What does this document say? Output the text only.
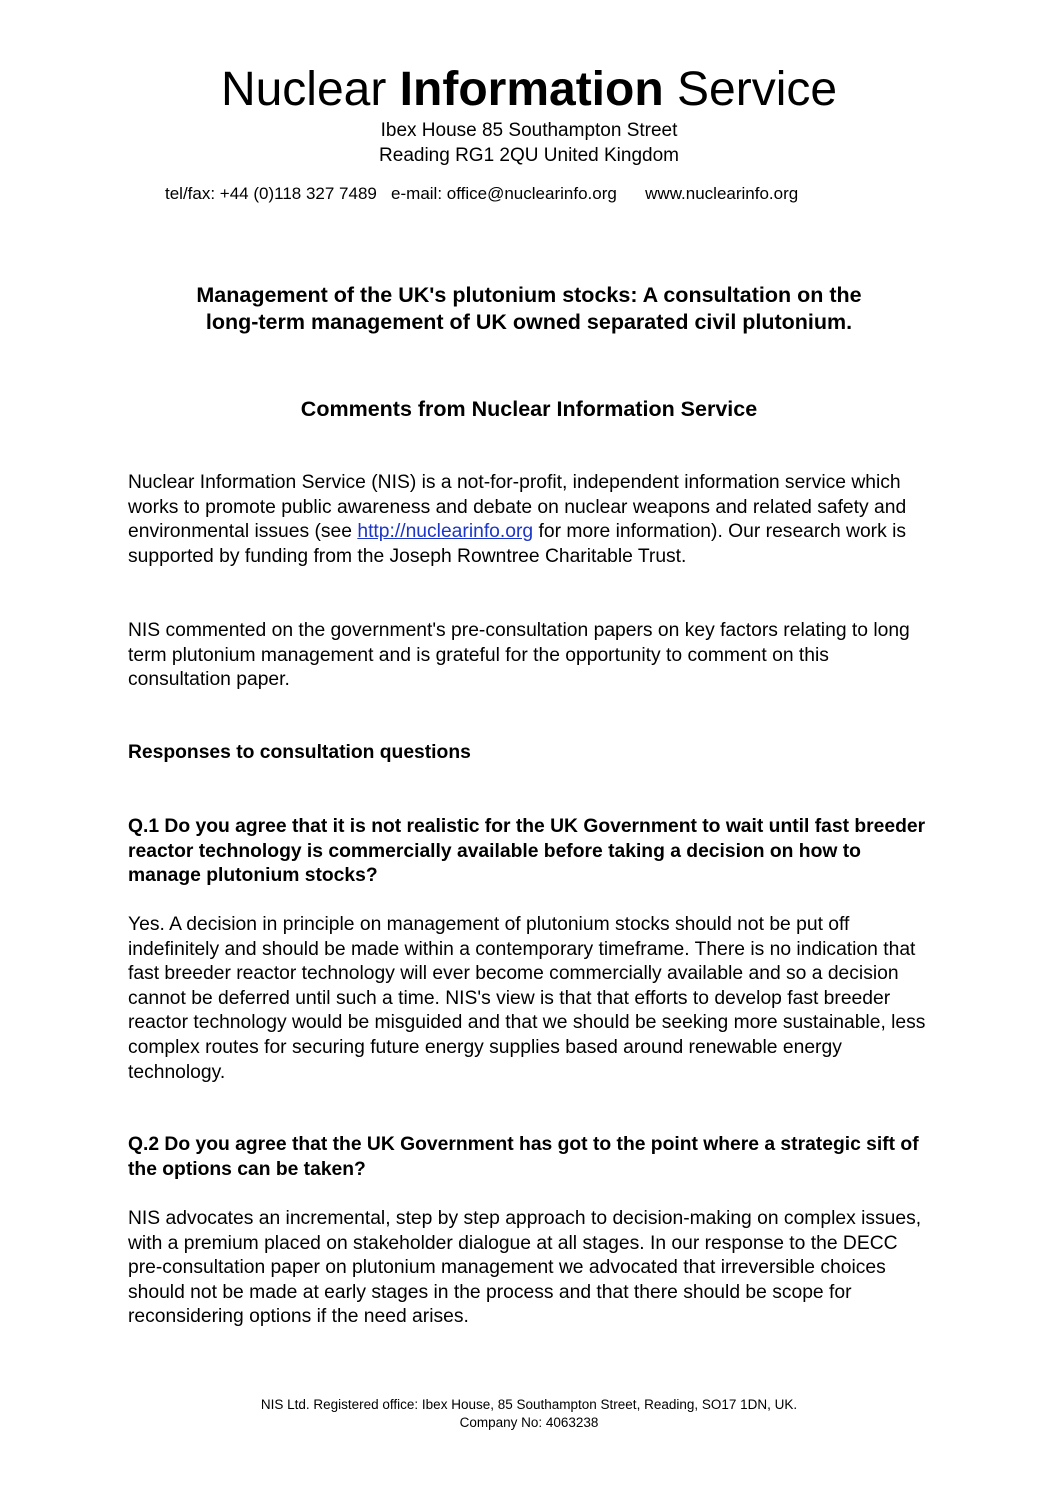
Nuclear Information Service
Ibex House 85 Southampton Street
Reading RG1 2QU United Kingdom
tel/fax: +44 (0)118 327 7489   e-mail: office@nuclearinfo.org      www.nuclearinfo.org
Management of the UK's plutonium stocks: A consultation on the
long-term management of UK owned separated civil plutonium.
Comments from Nuclear Information Service
Nuclear Information Service (NIS) is a not-for-profit, independent information service which works to promote public awareness and debate on nuclear weapons and related safety and environmental issues (see http://nuclearinfo.org for more information). Our research work is supported by funding from the Joseph Rowntree Charitable Trust.
NIS commented on the government's pre-consultation papers on key factors relating to long term plutonium management and is grateful for the opportunity to comment on this consultation paper.
Responses to consultation questions
Q.1 Do you agree that it is not realistic for the UK Government to wait until fast breeder reactor technology is commercially available before taking a decision on how to manage plutonium stocks?
Yes. A decision in principle on management of plutonium stocks should not be put off indefinitely and should be made within a contemporary timeframe. There is no indication that fast breeder reactor technology will ever become commercially available and so a decision cannot be deferred until such a time. NIS's view is that that efforts to develop fast breeder reactor technology would be misguided and that we should be seeking more sustainable, less complex routes for securing future energy supplies based around renewable energy technology.
Q.2 Do you agree that the UK Government has got to the point where a strategic sift of the options can be taken?
NIS advocates an incremental, step by step approach to decision-making on complex issues, with a premium placed on stakeholder dialogue at all stages. In our response to the DECC pre-consultation paper on plutonium management we advocated that irreversible choices should not be made at early stages in the process and that there should be scope for reconsidering options if the need arises.
NIS Ltd. Registered office: Ibex House, 85 Southampton Street, Reading, SO17 1DN, UK.
Company No: 4063238
